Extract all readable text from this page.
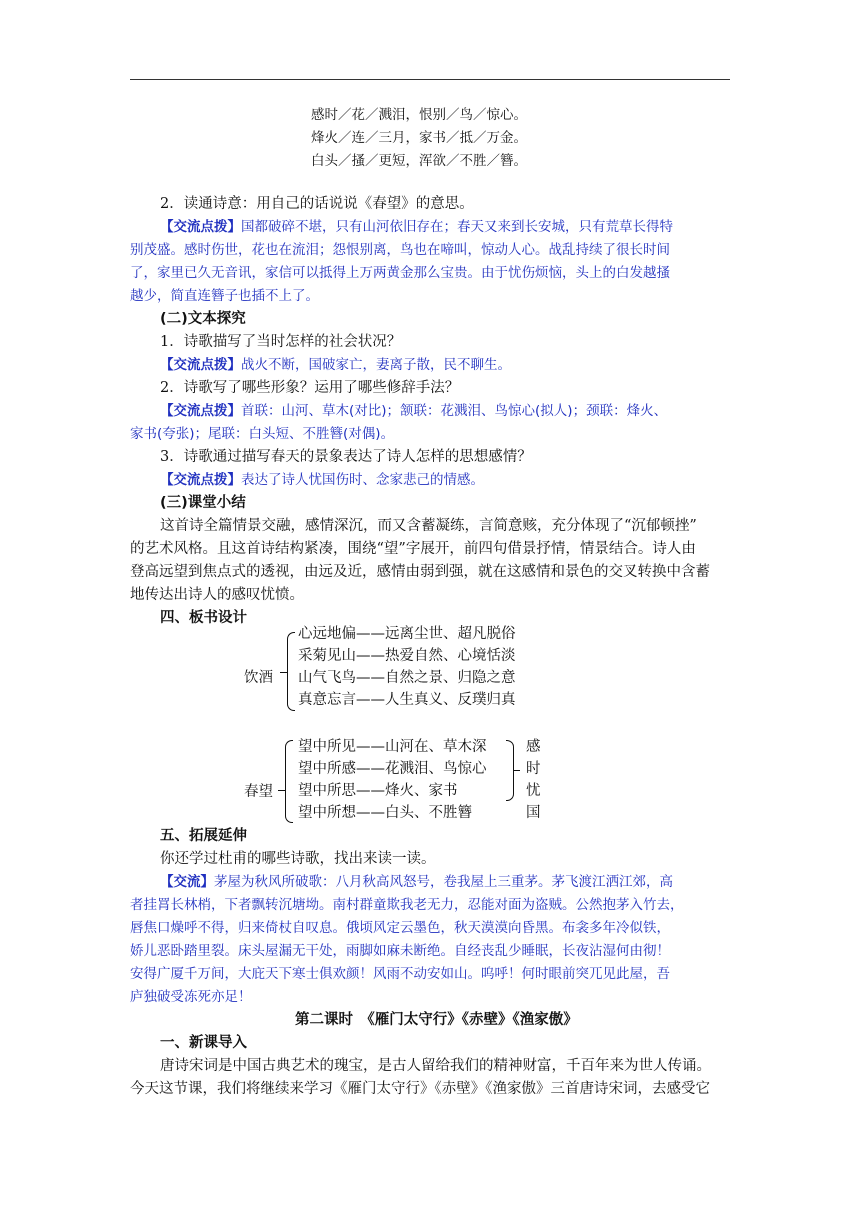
感时／花／溅泪，恨别／鸟／惊心。
烽火／连／三月，家书／抵／万金。
白头／搔／更短，浑欲／不胜／簪。
2．读通诗意：用自己的话说说《春望》的意思。
【交流点拨】国都破碎不堪，只有山河依旧存在；春天又来到长安城，只有荒草长得特
别茂盛。感时伤世，花也在流泪；怨恨别离，鸟也在啼叫，惊动人心。战乱持续了很长时间
了，家里已久无音讯，家信可以抵得上万两黄金那么宝贵。由于忧伤烦恼，头上的白发越搔
越少，简直连簪子也插不上了。
(二)文本探究
1．诗歌描写了当时怎样的社会状况？
【交流点拨】战火不断，国破家亡，妻离子散，民不聊生。
2．诗歌写了哪些形象？运用了哪些修辞手法？
【交流点拨】首联：山河、草木(对比)；颔联：花溅泪、鸟惊心(拟人)；颈联：烽火、
家书(夸张)；尾联：白头短、不胜簪(对偶)。
3．诗歌通过描写春天的景象表达了诗人怎样的思想感情？
【交流点拨】表达了诗人忧国伤时、念家悲己的情感。
(三)课堂小结
这首诗全篇情景交融，感情深沉，而又含蓄凝练，言简意赅，充分体现了“沉郁顿挫”
的艺术风格。且这首诗结构紧凑，围绕“望”字展开，前四句借景抒情，情景结合。诗人由
登高远望到焦点式的透视，由远及近，感情由弱到强，就在这感情和景色的交叉转换中含蓄
地传达出诗人的感叹忧愤。
四、板书设计
饮酒
心远地偏——远离尘世、超凡脱俗
采菊见山——热爱自然、心境恬淡
山气飞鸟——自然之景、归隐之意
真意忘言——人生真义、反璞归真
春望
望中所见——山河在、草木深
望中所感——花溅泪、鸟惊心
望中所思——烽火、家书
望中所想——白头、不胜簪
感
时
忧
国
五、拓展延伸
你还学过杜甫的哪些诗歌，找出来读一读。
【交流】茅屋为秋风所破歌：八月秋高风怒号，卷我屋上三重茅。茅飞渡江洒江郊，高
者挂罥长林梢，下者飘转沉塘坳。南村群童欺我老无力，忍能对面为盗贼。公然抱茅入竹去，
唇焦口燥呼不得，归来倚杖自叹息。俄顷风定云墨色，秋天漠漠向昏黑。布衾多年冷似铁，
娇儿恶卧踏里裂。床头屋漏无干处，雨脚如麻未断绝。自经丧乱少睡眠，长夜沾湿何由彻！
安得广厦千万间，大庇天下寒士俱欢颜！风雨不动安如山。呜呼！何时眼前突兀见此屋，吾
庐独破受冻死亦足！
第二课时　《雁门太守行》《赤壁》《渔家傲》
一、新课导入
唐诗宋词是中国古典艺术的瑰宝，是古人留给我们的精神财富，千百年来为世人传诵。
今天这节课，我们将继续来学习《雁门太守行》《赤壁》《渔家傲》三首唐诗宋词，去感受它
